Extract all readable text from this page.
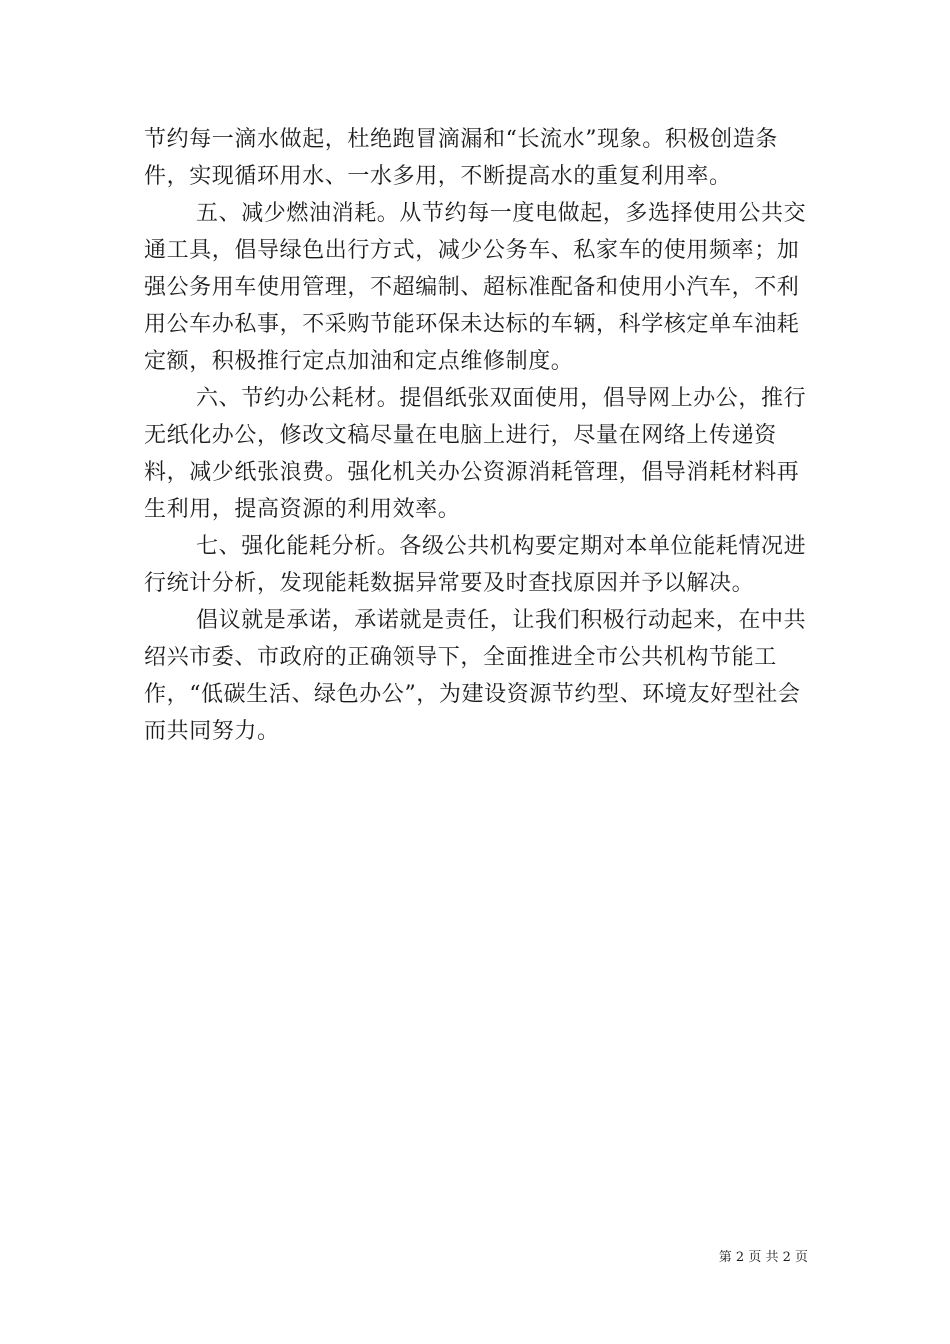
节约每一滴水做起，杜绝跑冒滴漏和“长流水”现象。积极创造条件，实现循环用水、一水多用，不断提高水的重复利用率。

五、减少燃油消耗。从节约每一度电做起，多选择使用公共交通工具，倡导绿色出行方式，减少公务车、私家车的使用频率；加强公务用车使用管理，不超编制、超标准配备和使用小汽车，不利用公车办私事，不采购节能环保未达标的车辆，科学核定单车油耗定额，积极推行定点加油和定点维修制度。

六、节约办公耗材。提倡纸张双面使用，倡导网上办公，推行无纸化办公，修改文稿尽量在电脑上进行，尽量在网络上传递资料，减少纸张浪费。强化机关办公资源消耗管理，倡导消耗材料再生利用，提高资源的利用效率。

七、强化能耗分析。各级公共机构要定期对本单位能耗情况进行统计分析，发现能耗数据异常要及时查找原因并予以解决。

倡议就是承诺，承诺就是责任，让我们积极行动起来，在中共绍兴市委、市政府的正确领导下，全面推进全市公共机构节能工作，“低碳生活、绿色办公”，为建设资源节约型、环境友好型社会而共同努力。

第 2 页 共 2 页
